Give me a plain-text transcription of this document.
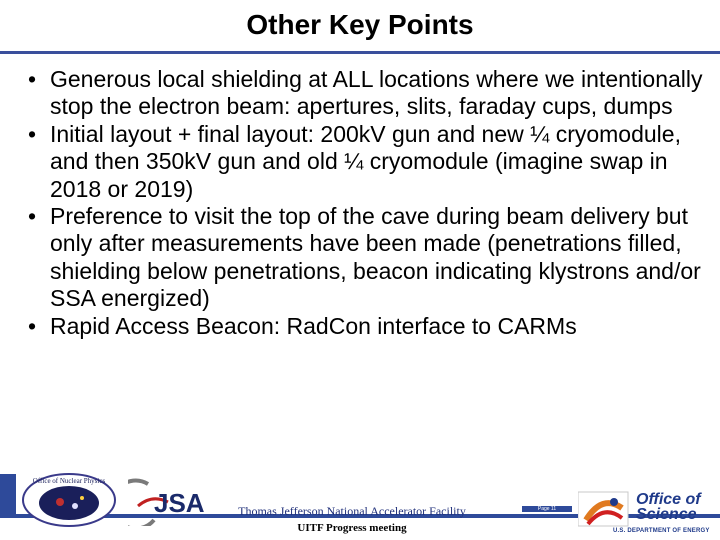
Other Key Points
• Generous local shielding at ALL locations where we intentionally stop the electron beam: apertures, slits, faraday cups, dumps
• Initial layout + final layout: 200kV gun and new ¼ cryomodule, and then 350kV gun and old ¼ cryomodule (imagine swap in 2018 or 2019)
• Preference to visit the top of the cave during beam delivery but only after measurements have been made (penetrations filled, shielding below penetrations, beacon indicating klystrons and/or SSA energized)
• Rapid Access Beacon: RadCon interface to CARMs
Office of Nuclear Physics
JSA	Thomas Jefferson National Accelerator Facility
UITF Progress meeting
Page 11
Office of
Science
U.S. DEPARTMENT OF ENERGY
